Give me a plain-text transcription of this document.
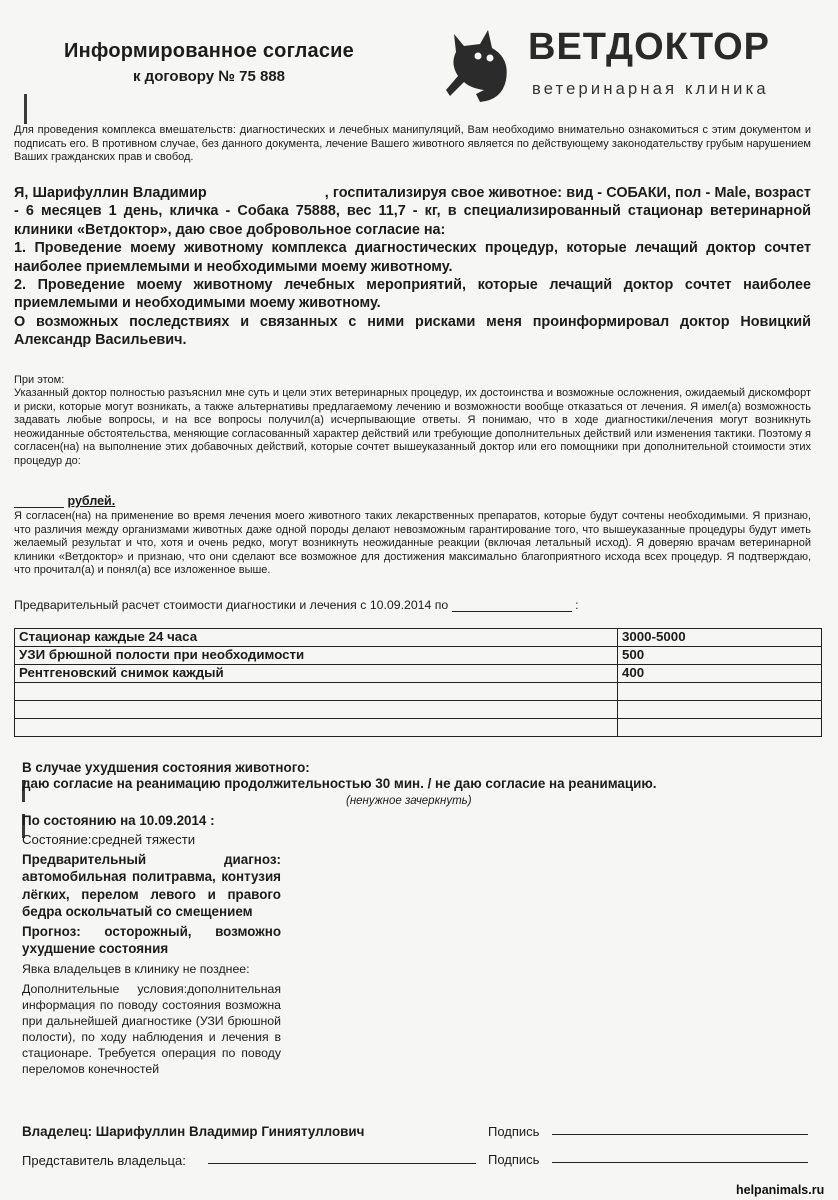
Информированное согласие
к договору № 75 888
ВЕТДОКТОР
ветеринарная клиника
Для проведения комплекса вмешательств: диагностических и лечебных манипуляций, Вам необходимо внимательно ознакомиться с этим документом и подписать его. В противном случае, без данного документа, лечение Вашего животного является по действующему законодательству грубым нарушением Ваших гражданских прав и свобод.
Я, Шарифуллин Владимир	, госпитализируя свое животное: вид - СОБАКИ, пол - Male, возраст - 6 месяцев 1 день, кличка - Собака 75888, вес 11,7 - кг, в специализированный стационар ветеринарной клиники «Ветдоктор», даю свое добровольное согласие на:
1. Проведение моему животному комплекса диагностических процедур, которые лечащий доктор сочтет наиболее приемлемыми и необходимыми моему животному.
2. Проведение моему животному лечебных мероприятий, которые лечащий доктор сочтет наиболее приемлемыми и необходимыми моему животному.
О возможных последствиях и связанных с ними рисками меня проинформировал доктор Новицкий Александр Васильевич.
При этом:
Указанный доктор полностью разъяснил мне суть и цели этих ветеринарных процедур, их достоинства и возможные осложнения, ожидаемый дискомфорт и риски, которые могут возникать, а также альтернативы предлагаемому лечению и возможности вообще отказаться от лечения. Я имел(а) возможность задавать любые вопросы, и на все вопросы получил(а) исчерпывающие ответы. Я понимаю, что в ходе диагностики/лечения могут возникнуть неожиданные обстоятельства, меняющие согласованный характер действий или требующие дополнительных действий или изменения тактики. Поэтому я согласен(на) на выполнение этих добавочных действий, которые сочтет вышеуказанный доктор или его помощники при дополнительной стоимости этих процедур до:
рублей.
Я согласен(на) на применение во время лечения моего животного таких лекарственных препаратов, которые будут сочтены необходимыми. Я признаю, что различия между организмами животных даже одной породы делают невозможным гарантирование того, что вышеуказанные процедуры будут иметь желаемый результат и что, хотя и очень редко, могут возникнуть неожиданные реакции (включая летальный исход). Я доверяю врачам ветеринарной клиники «Ветдоктор» и признаю, что они сделают все возможное для достижения максимально благоприятного исхода всех процедур. Я подтверждаю, что прочитал(а) и понял(а) все изложенное выше.
Предварительный расчет стоимости диагностики и лечения с 10.09.2014 по	:
Стационар каждые 24 часа	3000-5000
УЗИ брюшной полости при необходимости	500
Рентгеновский снимок каждый	400

В случае ухудшения состояния животного:
даю согласие на реанимацию продолжительностью 30 мин. / не даю согласие на реанимацию.
(ненужное зачеркнуть)

По состоянию на 10.09.2014 :

Состояние:средней тяжести

Предварительный диагноз: автомобильная политравма, контузия лёгких, перелом левого и правого бедра оскольчатый со смещением

Прогноз: осторожный, возможно ухудшение состояния

Явка владельцев в клинику не позднее:

Дополнительные условия:дополнительная информация по поводу состояния возможна при дальнейшей диагностике (УЗИ брюшной полости), по ходу наблюдения и лечения в стационаре. Требуется операция по поводу переломов конечностей

Владелец: Шарифуллин Владимир Гиниятуллович	Подпись
Представитель владельца:	Подпись
helpanimals.ru
